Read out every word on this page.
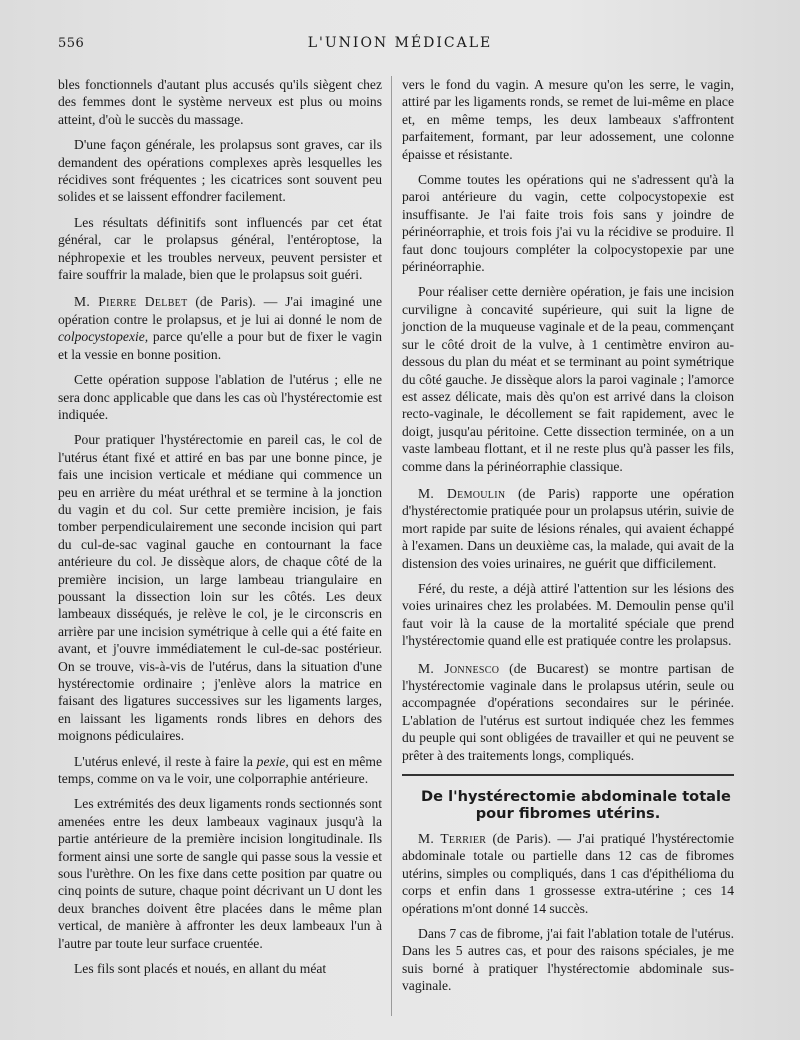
556	L'UNION MÉDICALE

bles fonctionnels d'autant plus accusés qu'ils siègent chez des femmes dont le système nerveux est plus ou moins atteint, d'où le succès du massage.

D'une façon générale, les prolapsus sont graves, car ils demandent des opérations complexes après lesquelles les récidives sont fréquentes ; les cicatrices sont souvent peu solides et se laissent effondrer facilement.

Les résultats définitifs sont influencés par cet état général, car le prolapsus général, l'entéroptose, la néphropexie et les troubles nerveux, peuvent persister et faire souffrir la malade, bien que le prolapsus soit guéri.

M. Pierre Delbet (de Paris). — J'ai imaginé une opération contre le prolapsus, et je lui ai donné le nom de colpocystopexie, parce qu'elle a pour but de fixer le vagin et la vessie en bonne position.

Cette opération suppose l'ablation de l'utérus ; elle ne sera donc applicable que dans les cas où l'hystérectomie est indiquée.

Pour pratiquer l'hystérectomie en pareil cas, le col de l'utérus étant fixé et attiré en bas par une bonne pince, je fais une incision verticale et médiane qui commence un peu en arrière du méat uréthral et se termine à la jonction du vagin et du col. Sur cette première incision, je fais tomber perpendiculairement une seconde incision qui part du cul-de-sac vaginal gauche en contournant la face antérieure du col. Je dissèque alors, de chaque côté de la première incision, un large lambeau triangulaire en poussant la dissection loin sur les côtés. Les deux lambeaux disséqués, je relève le col, je le circonscris en arrière par une incision symétrique à celle qui a été faite en avant, et j'ouvre immédiatement le cul-de-sac postérieur. On se trouve, vis-à-vis de l'utérus, dans la situation d'une hystérectomie ordinaire ; j'enlève alors la matrice en faisant des ligatures successives sur les ligaments larges, en laissant les ligaments ronds libres en dehors des moignons pédiculaires.

L'utérus enlevé, il reste à faire la pexie, qui est en même temps, comme on va le voir, une colporraphie antérieure.

Les extrémités des deux ligaments ronds sectionnés sont amenées entre les deux lambeaux vaginaux jusqu'à la partie antérieure de la première incision longitudinale. Ils forment ainsi une sorte de sangle qui passe sous la vessie et sous l'urèthre. On les fixe dans cette position par quatre ou cinq points de suture, chaque point décrivant un U dont les deux branches doivent être placées dans le même plan vertical, de manière à affronter les deux lambeaux l'un à l'autre par toute leur surface cruentée.

Les fils sont placés et noués, en allant du méat

vers le fond du vagin. A mesure qu'on les serre, le vagin, attiré par les ligaments ronds, se remet de lui-même en place et, en même temps, les deux lambeaux s'affrontent parfaitement, formant, par leur adossement, une colonne épaisse et résistante.

Comme toutes les opérations qui ne s'adressent qu'à la paroi antérieure du vagin, cette colpocystopexie est insuffisante. Je l'ai faite trois fois sans y joindre de périnéorraphie, et trois fois j'ai vu la récidive se produire. Il faut donc toujours compléter la colpocystopexie par une périnéorraphie.

Pour réaliser cette dernière opération, je fais une incision curviligne à concavité supérieure, qui suit la ligne de jonction de la muqueuse vaginale et de la peau, commençant sur le côté droit de la vulve, à 1 centimètre environ au-dessous du plan du méat et se terminant au point symétrique du côté gauche. Je dissèque alors la paroi vaginale ; l'amorce est assez délicate, mais dès qu'on est arrivé dans la cloison recto-vaginale, le décollement se fait rapidement, avec le doigt, jusqu'au péritoine. Cette dissection terminée, on a un vaste lambeau flottant, et il ne reste plus qu'à passer les fils, comme dans la périnéorraphie classique.

M. Demoulin (de Paris) rapporte une opération d'hystérectomie pratiquée pour un prolapsus utérin, suivie de mort rapide par suite de lésions rénales, qui avaient échappé à l'examen. Dans un deuxième cas, la malade, qui avait de la distension des voies urinaires, ne guérit que difficilement.

Féré, du reste, a déjà attiré l'attention sur les lésions des voies urinaires chez les prolabées. M. Demoulin pense qu'il faut voir là la cause de la mortalité spéciale que prend l'hystérectomie quand elle est pratiquée contre les prolapsus.

M. Jonnesco (de Bucarest) se montre partisan de l'hystérectomie vaginale dans le prolapsus utérin, seule ou accompagnée d'opérations secondaires sur le périnée. L'ablation de l'utérus est surtout indiquée chez les femmes du peuple qui sont obligées de travailler et qui ne peuvent se prêter à des traitements longs, compliqués.

De l'hystérectomie abdominale totale pour fibromes utérins.

M. Terrier (de Paris). — J'ai pratiqué l'hystérectomie abdominale totale ou partielle dans 12 cas de fibromes utérins, simples ou compliqués, dans 1 cas d'épithélioma du corps et enfin dans 1 grossesse extra-utérine ; ces 14 opérations m'ont donné 14 succès.

Dans 7 cas de fibrome, j'ai fait l'ablation totale de l'utérus. Dans les 5 autres cas, et pour des raisons spéciales, je me suis borné à pratiquer l'hystérectomie abdominale sus-vaginale.
